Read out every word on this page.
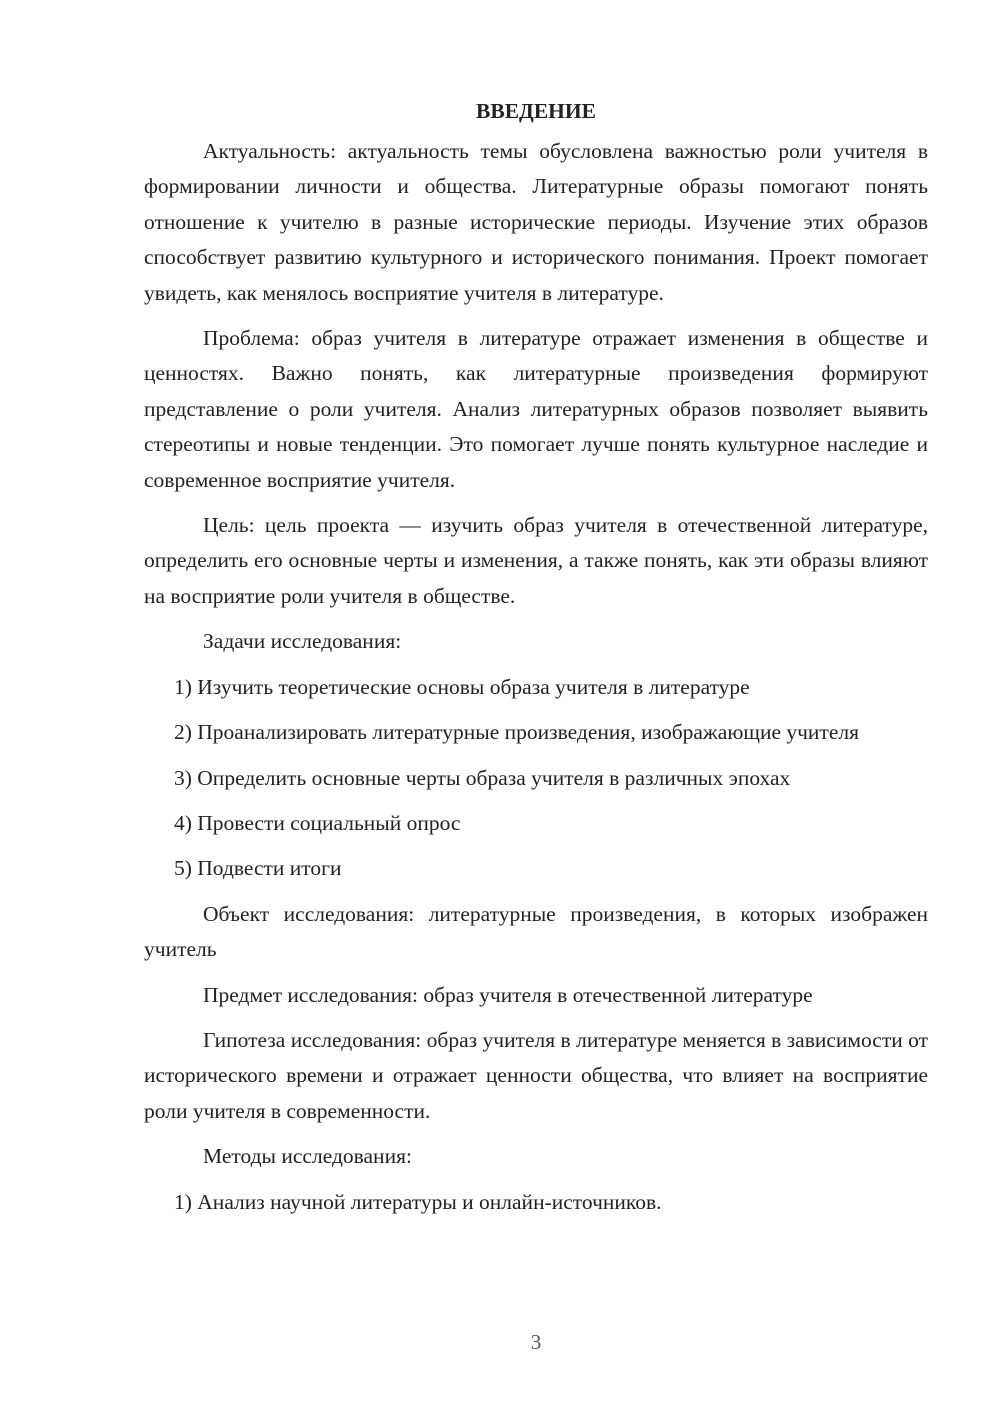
ВВЕДЕНИЕ
Актуальность: актуальность темы обусловлена важностью роли учителя в формировании личности и общества. Литературные образы помогают понять отношение к учителю в разные исторические периоды. Изучение этих образов способствует развитию культурного и исторического понимания. Проект помогает увидеть, как менялось восприятие учителя в литературе.
Проблема: образ учителя в литературе отражает изменения в обществе и ценностях. Важно понять, как литературные произведения формируют представление о роли учителя. Анализ литературных образов позволяет выявить стереотипы и новые тенденции. Это помогает лучше понять культурное наследие и современное восприятие учителя.
Цель: цель проекта — изучить образ учителя в отечественной литературе, определить его основные черты и изменения, а также понять, как эти образы влияют на восприятие роли учителя в обществе.
Задачи исследования:
1) Изучить теоретические основы образа учителя в литературе
2) Проанализировать литературные произведения, изображающие учителя
3) Определить основные черты образа учителя в различных эпохах
4) Провести социальный опрос
5) Подвести итоги
Объект исследования: литературные произведения, в которых изображен учитель
Предмет исследования: образ учителя в отечественной литературе
Гипотеза исследования: образ учителя в литературе меняется в зависимости от исторического времени и отражает ценности общества, что влияет на восприятие роли учителя в современности.
Методы исследования:
1) Анализ научной литературы и онлайн-источников.
3
